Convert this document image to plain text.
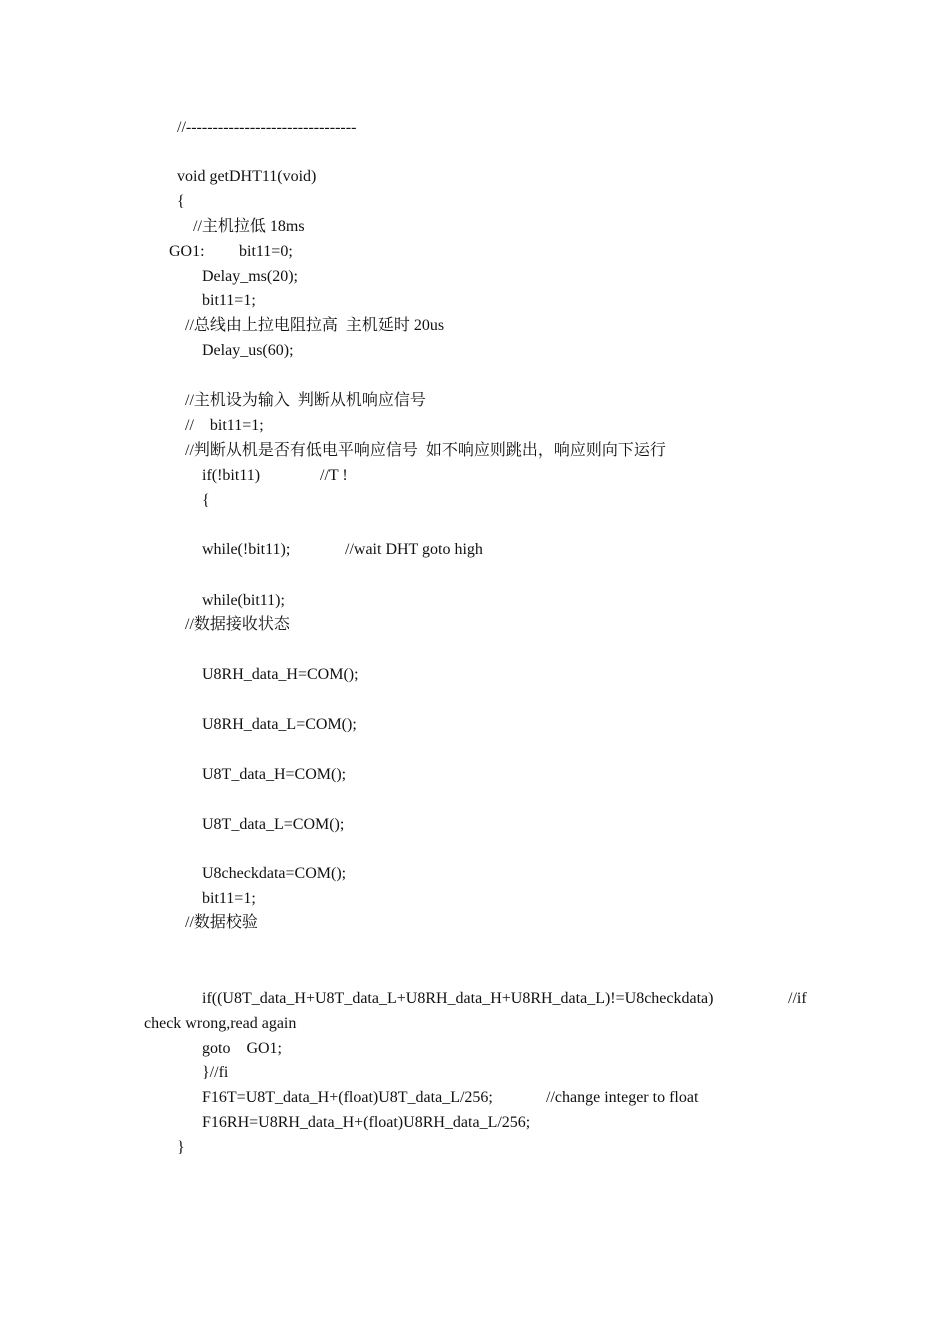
//--------------------------------
void getDHT11(void)
{
//主机拉低 18ms
GO1: bit11=0;
Delay_ms(20);
bit11=1;
//总线由上拉电阻拉高  主机延时 20us
Delay_us(60);
//主机设为输入  判断从机响应信号
//    bit11=1;
//判断从机是否有低电平响应信号  如不响应则跳出，响应则向下运行
if(!bit11)	//T !
{
while(!bit11);	//wait DHT goto high
while(bit11);
//数据接收状态
U8RH_data_H=COM();
U8RH_data_L=COM();
U8T_data_H=COM();
U8T_data_L=COM();
U8checkdata=COM();
bit11=1;
//数据校验
if((U8T_data_H+U8T_data_L+U8RH_data_H+U8RH_data_L)!=U8checkdata)	//if
check wrong,read again
goto    GO1;
}//fi
F16T=U8T_data_H+(float)U8T_data_L/256;	//change integer to float
F16RH=U8RH_data_H+(float)U8RH_data_L/256;
}
